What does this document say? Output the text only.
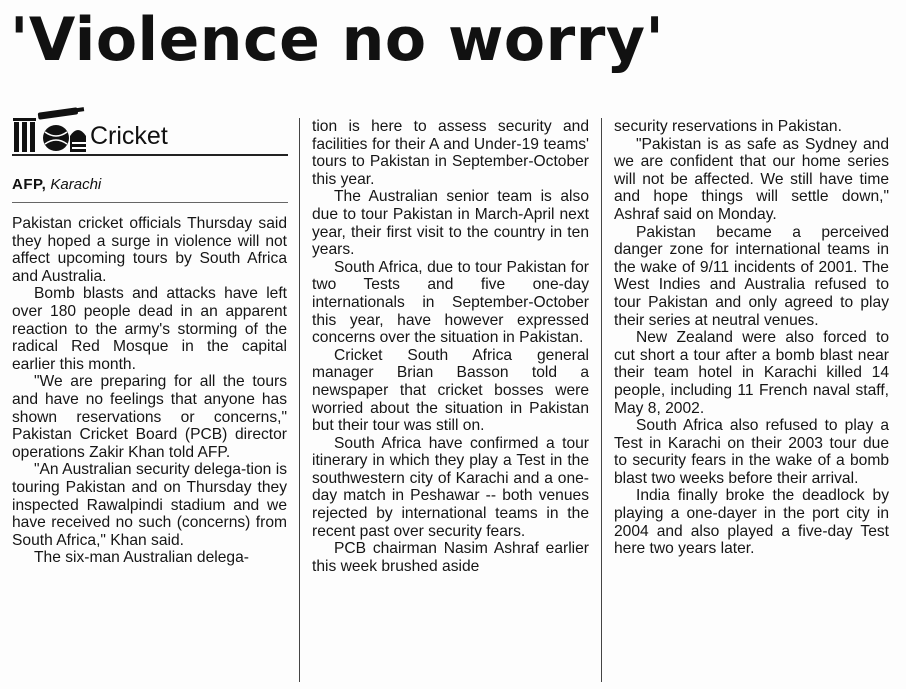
'Violence no worry'
Cricket
AFP, Karachi

Pakistan cricket officials Thursday said they hoped a surge in violence will not affect upcoming tours by South Africa and Australia.

Bomb blasts and attacks have left over 180 people dead in an apparent reaction to the army's storming of the radical Red Mosque in the capital earlier this month.

"We are preparing for all the tours and have no feelings that anyone has shown reservations or concerns," Pakistan Cricket Board (PCB) director operations Zakir Khan told AFP.

"An Australian security delega-tion is touring Pakistan and on Thursday they inspected Rawalpindi stadium and we have received no such (concerns) from South Africa," Khan said.

The six-man Australian delega-

tion is here to assess security and facilities for their A and Under-19 teams' tours to Pakistan in September-October this year.

The Australian senior team is also due to tour Pakistan in March-April next year, their first visit to the country in ten years.

South Africa, due to tour Pakistan for two Tests and five one-day internationals in September-October this year, have however expressed concerns over the situation in Pakistan.

Cricket South Africa general manager Brian Basson told a newspaper that cricket bosses were worried about the situation in Pakistan but their tour was still on.

South Africa have confirmed a tour itinerary in which they play a Test in the southwestern city of Karachi and a one-day match in Peshawar -- both venues rejected by international teams in the recent past over security fears.

PCB chairman Nasim Ashraf earlier this week brushed aside

security reservations in Pakistan.

"Pakistan is as safe as Sydney and we are confident that our home series will not be affected. We still have time and hope things will settle down," Ashraf said on Monday.

Pakistan became a perceived danger zone for international teams in the wake of 9/11 incidents of 2001. The West Indies and Australia refused to tour Pakistan and only agreed to play their series at neutral venues.

New Zealand were also forced to cut short a tour after a bomb blast near their team hotel in Karachi killed 14 people, including 11 French naval staff, May 8, 2002.

South Africa also refused to play a Test in Karachi on their 2003 tour due to security fears in the wake of a bomb blast two weeks before their arrival.

India finally broke the deadlock by playing a one-dayer in the port city in 2004 and also played a five-day Test here two years later.
